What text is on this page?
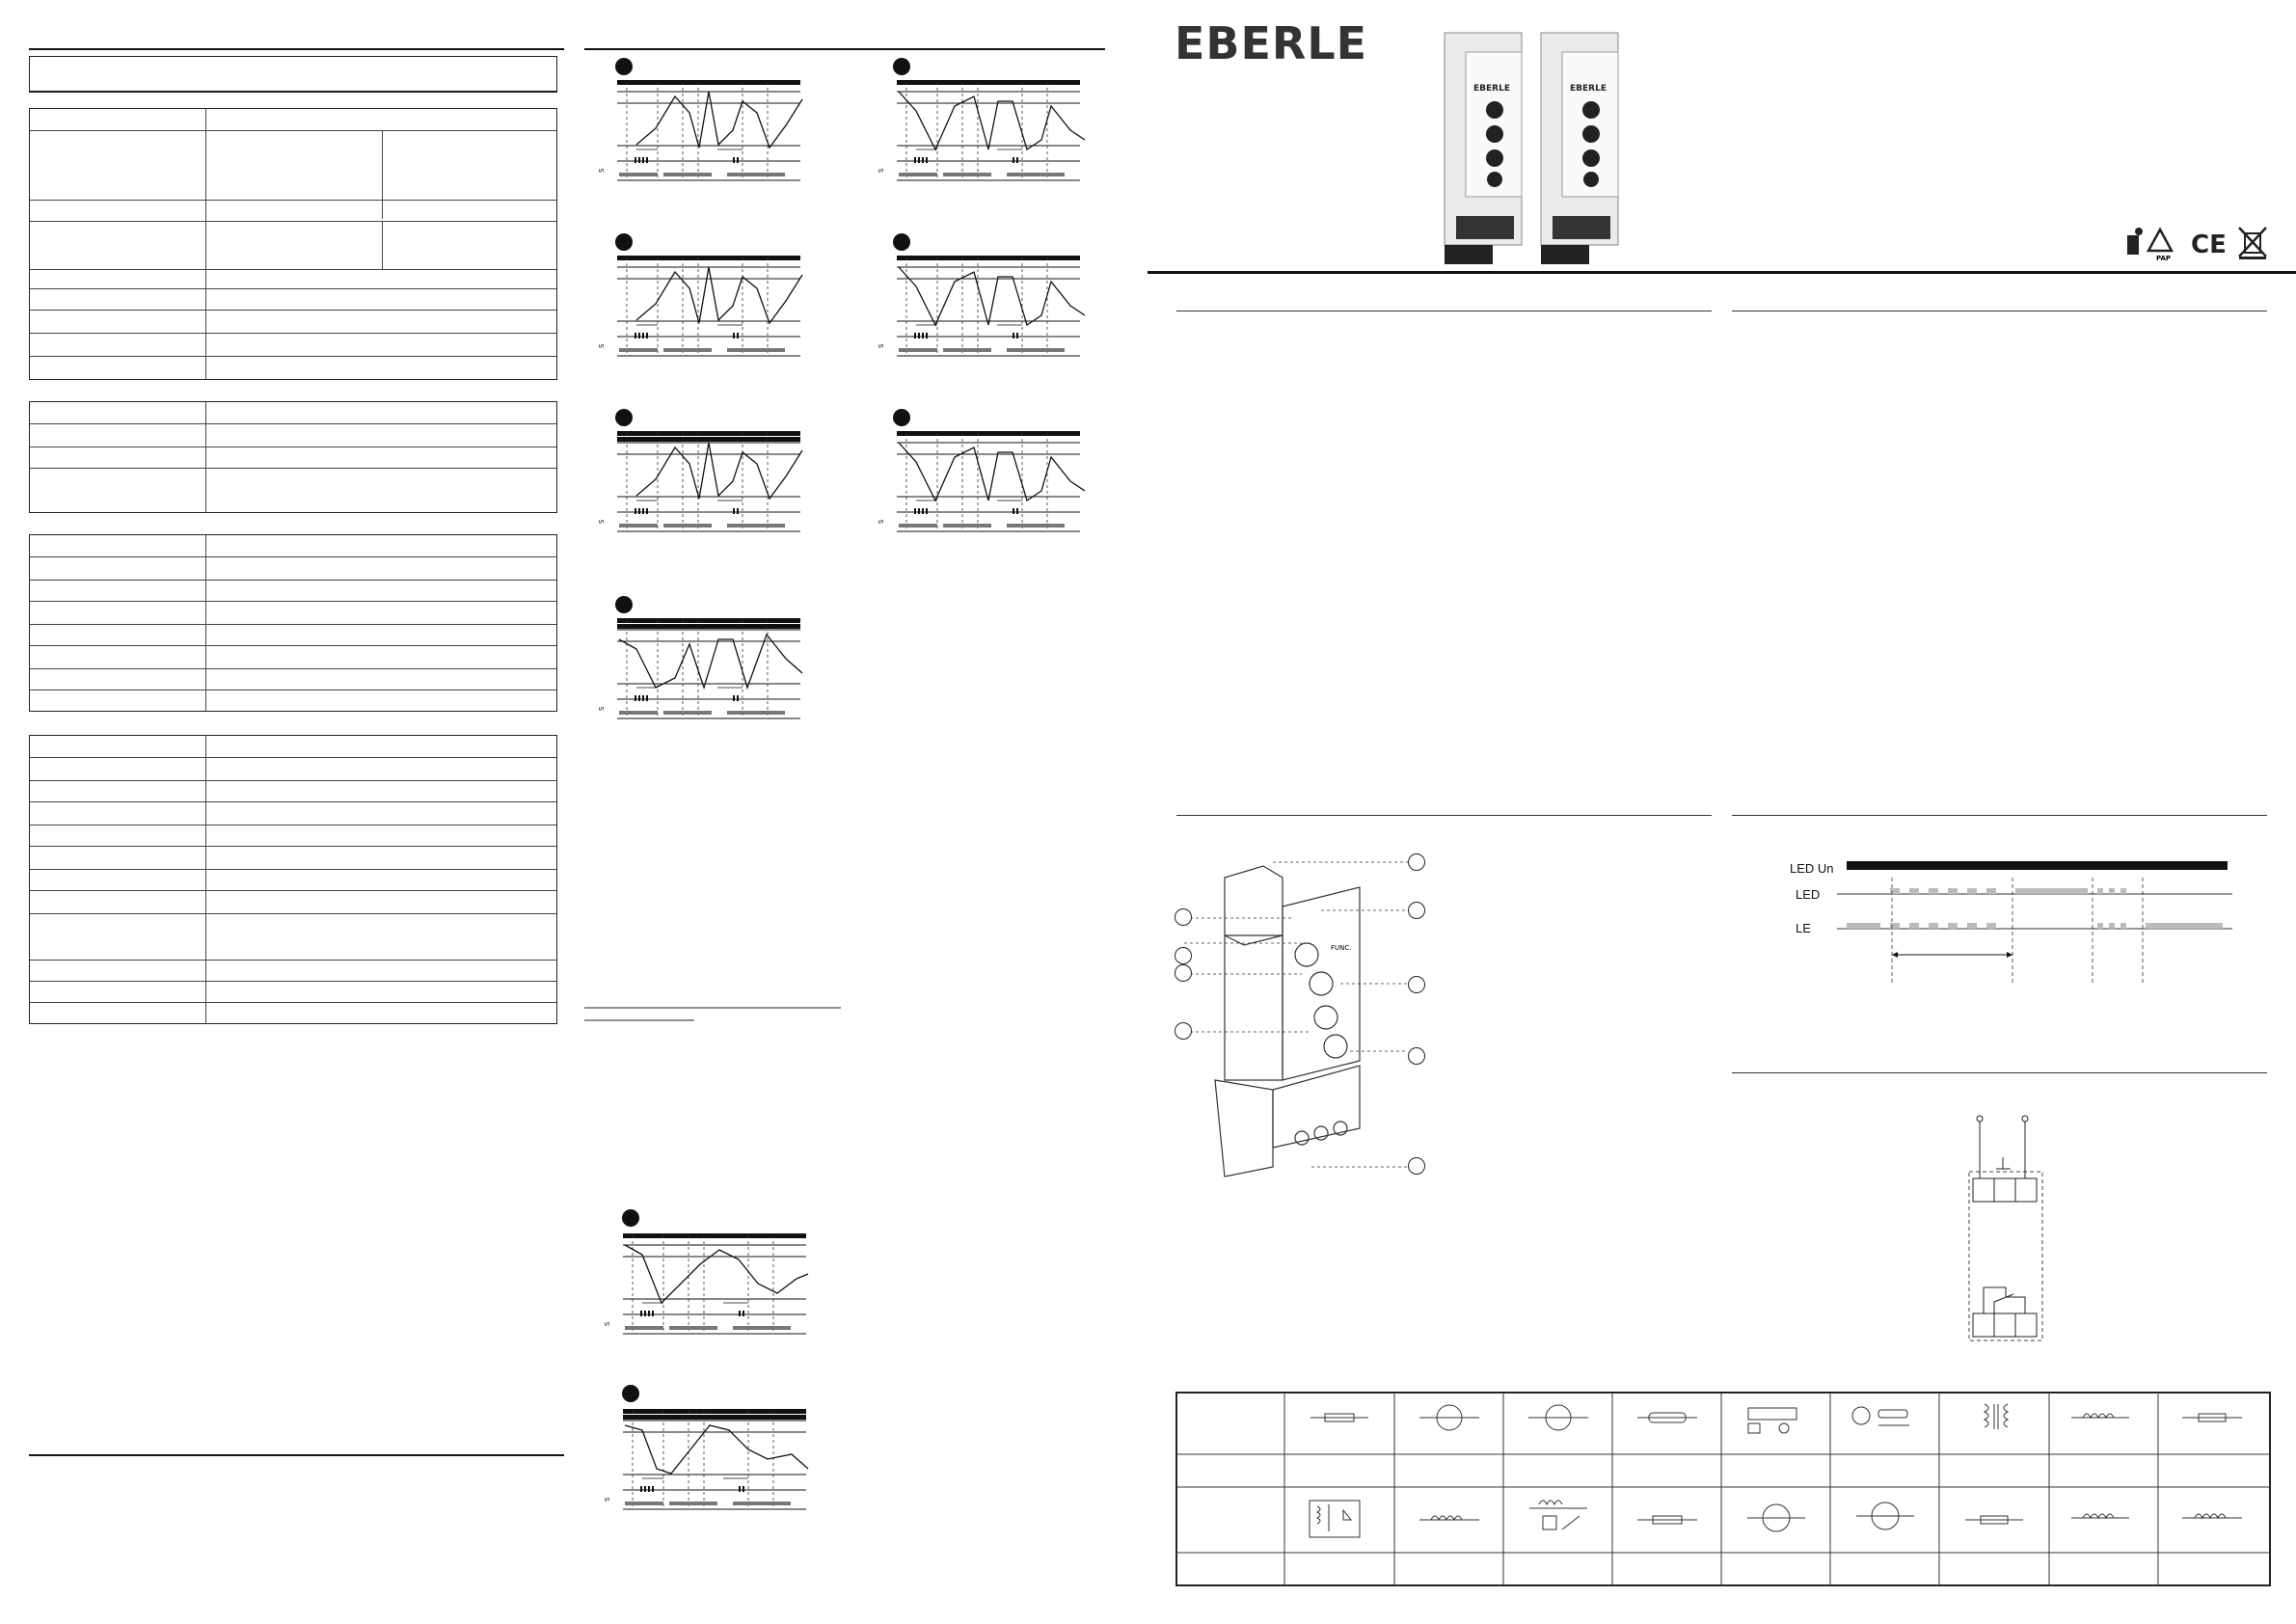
S
EBERLE
EBERLE	EBERLE
PAP CE
FUNC.
LED Un
LED
LE
